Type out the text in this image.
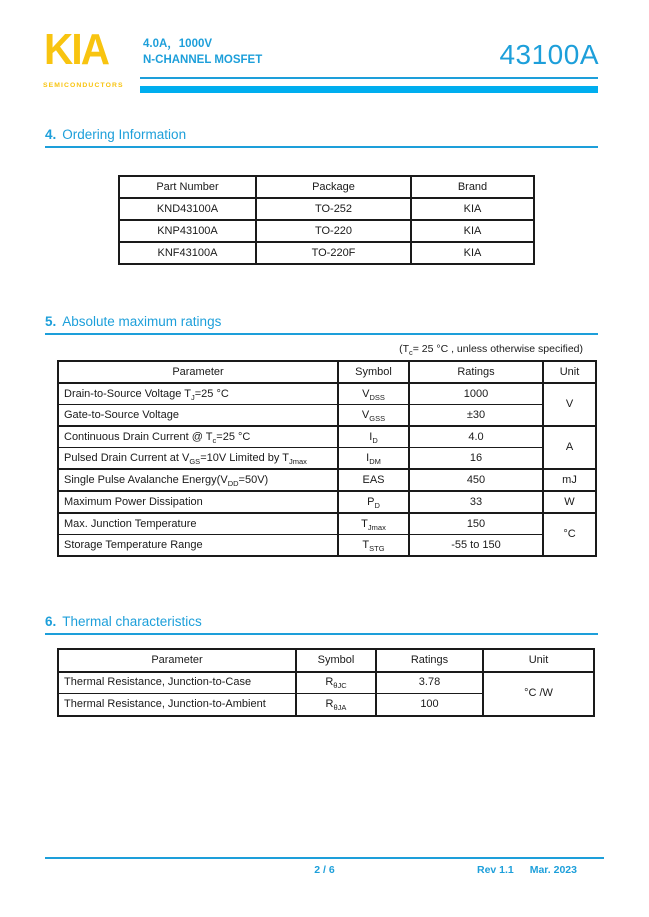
KIA
SEMICONDUCTORS
4.0A，1000V
N-CHANNEL MOSFET	43100A
4. Ordering Information
Part Number	Package	Brand
KND43100A	TO-252	KIA
KNP43100A	TO-220	KIA
KNF43100A	TO-220F	KIA
5. Absolute maximum ratings
($T_c= 25$ °C , unless otherwise specified)
Parameter	Symbol	Ratings	Unit
Drain-to-Source Voltage $T_J=25$ °C	$V_{DSS}$	1000	V
Gate-to-Source Voltage	$V_{GSS}$	±30	
Continuous Drain Current @ $T_c=25$ °C	$I_D$	4.0	A
Pulsed Drain Current at $V_{GS}=10V$ Limited by $T_{Jmax}$	$I_{DM}$	16	
Single Pulse Avalanche $Energy(V_{DD}=50V)$	EAS	450	mJ
Maximum Power Dissipation	$P_D$	33	W
Max. Junction Temperature	$T_{Jmax}$	150	°C
Storage Temperature Range	$T_{STG}$	-55 to 150	
6. Thermal characteristics
Parameter	Symbol	Ratings	Unit
Thermal Resistance, Junction-to-Case	$R_{\theta JC}$	3.78	°C /W
Thermal Resistance, Junction-to-Ambient	$R_{\theta JA}$	100	
2 / 6	Rev 1.1 Mar. 2023
